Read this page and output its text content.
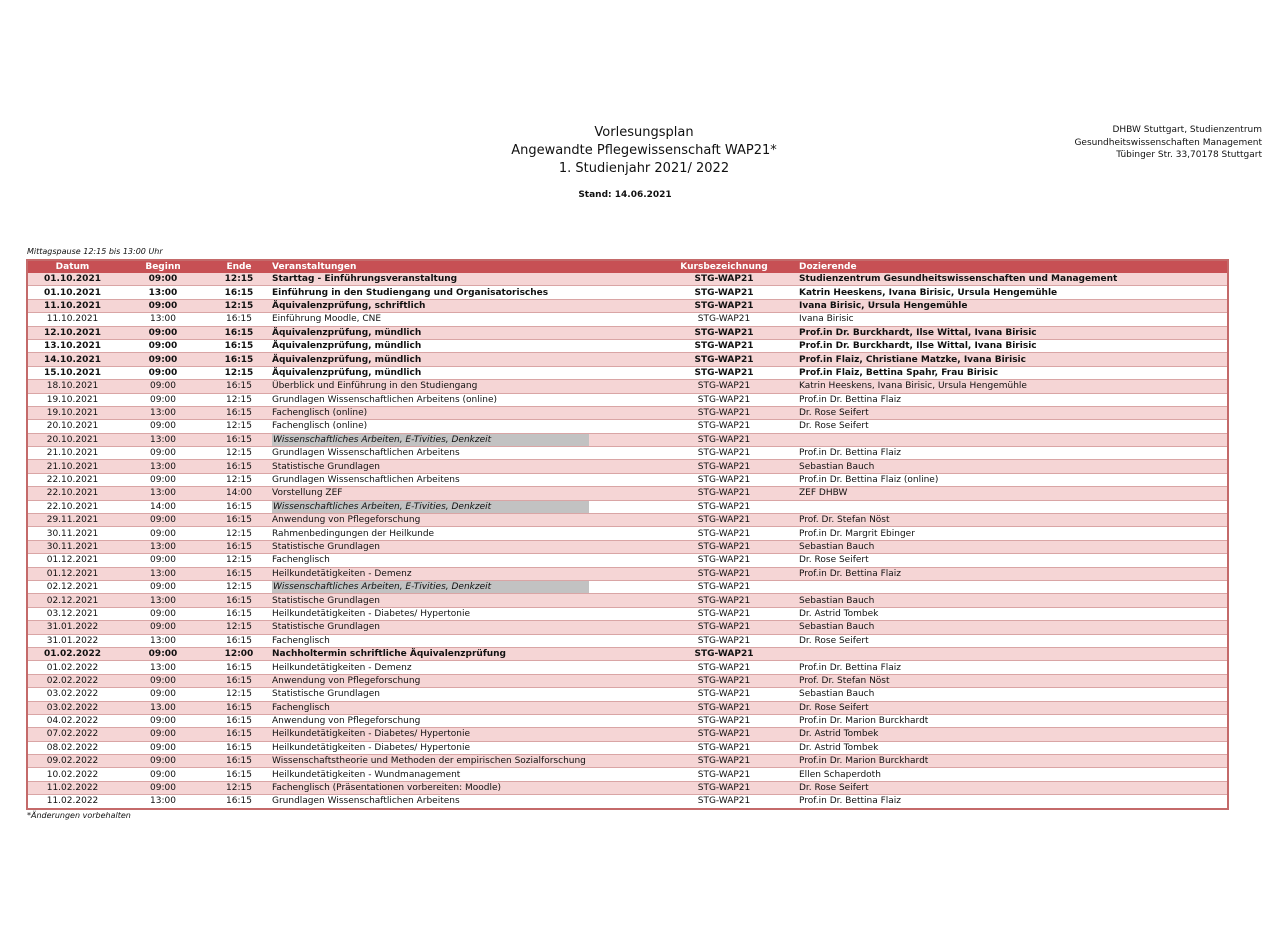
Vorlesungsplan
Angewandte Pflegewissenschaft WAP21*
1. Studienjahr 2021/ 2022
Stand: 14.06.2021
DHBW Stuttgart, Studienzentrum
Gesundheitswissenschaften Management
Tübinger Str. 33,70178 Stuttgart
Mittagspause 12:15 bis 13:00 Uhr
Datum	Beginn	Ende	Veranstaltungen	Kursbezeichnung	Dozierende
01.10.2021	09:00	12:15	Starttag - Einführungsveranstaltung	STG-WAP21	Studienzentrum Gesundheitswissenschaften und Management
01.10.2021	13:00	16:15	Einführung in den Studiengang und Organisatorisches	STG-WAP21	Katrin Heeskens, Ivana Birisic, Ursula Hengemühle
11.10.2021	09:00	12:15	Äquivalenzprüfung, schriftlich	STG-WAP21	Ivana Birisic, Ursula Hengemühle
11.10.2021	13:00	16:15	Einführung Moodle, CNE	STG-WAP21	Ivana Birisic
12.10.2021	09:00	16:15	Äquivalenzprüfung, mündlich	STG-WAP21	Prof.in Dr. Burckhardt, Ilse Wittal, Ivana Birisic
13.10.2021	09:00	16:15	Äquivalenzprüfung, mündlich	STG-WAP21	Prof.in Dr. Burckhardt, Ilse Wittal, Ivana Birisic
14.10.2021	09:00	16:15	Äquivalenzprüfung, mündlich	STG-WAP21	Prof.in Flaiz, Christiane Matzke, Ivana Birisic
15.10.2021	09:00	12:15	Äquivalenzprüfung, mündlich	STG-WAP21	Prof.in Flaiz, Bettina Spahr, Frau Birisic
18.10.2021	09:00	16:15	Überblick und Einführung in den Studiengang	STG-WAP21	Katrin Heeskens, Ivana Birisic, Ursula Hengemühle
19.10.2021	09:00	12:15	Grundlagen Wissenschaftlichen Arbeitens (online)	STG-WAP21	Prof.in Dr. Bettina Flaiz
19.10.2021	13:00	16:15	Fachenglisch (online)	STG-WAP21	Dr. Rose Seifert
20.10.2021	09:00	12:15	Fachenglisch (online)	STG-WAP21	Dr. Rose Seifert
20.10.2021	13:00	16:15	Wissenschaftliches Arbeiten, E-Tivities, Denkzeit	STG-WAP21	
21.10.2021	09:00	12:15	Grundlagen Wissenschaftlichen Arbeitens	STG-WAP21	Prof.in Dr. Bettina Flaiz
21.10.2021	13:00	16:15	Statistische Grundlagen	STG-WAP21	Sebastian Bauch
22.10.2021	09:00	12:15	Grundlagen Wissenschaftlichen Arbeitens	STG-WAP21	Prof.in Dr. Bettina Flaiz (online)
22.10.2021	13:00	14:00	Vorstellung ZEF	STG-WAP21	ZEF DHBW
22.10.2021	14:00	16:15	Wissenschaftliches Arbeiten, E-Tivities, Denkzeit	STG-WAP21	
29.11.2021	09:00	16:15	Anwendung von Pflegeforschung	STG-WAP21	Prof. Dr. Stefan Nöst
30.11.2021	09:00	12:15	Rahmenbedingungen der Heilkunde	STG-WAP21	Prof.in Dr. Margrit Ebinger
30.11.2021	13:00	16:15	Statistische Grundlagen	STG-WAP21	Sebastian Bauch
01.12.2021	09:00	12:15	Fachenglisch	STG-WAP21	Dr. Rose Seifert
01.12.2021	13:00	16:15	Heilkundetätigkeiten - Demenz	STG-WAP21	Prof.in Dr. Bettina Flaiz
02.12.2021	09:00	12:15	Wissenschaftliches Arbeiten, E-Tivities, Denkzeit	STG-WAP21	
02.12.2021	13:00	16:15	Statistische Grundlagen	STG-WAP21	Sebastian Bauch
03.12.2021	09:00	16:15	Heilkundetätigkeiten - Diabetes/ Hypertonie	STG-WAP21	Dr. Astrid Tombek
31.01.2022	09:00	12:15	Statistische Grundlagen	STG-WAP21	Sebastian Bauch
31.01.2022	13:00	16:15	Fachenglisch	STG-WAP21	Dr. Rose Seifert
01.02.2022	09:00	12:00	Nachholtermin schriftliche Äquivalenzprüfung	STG-WAP21	
01.02.2022	13:00	16:15	Heilkundetätigkeiten - Demenz	STG-WAP21	Prof.in Dr. Bettina Flaiz
02.02.2022	09:00	16:15	Anwendung von Pflegeforschung	STG-WAP21	Prof. Dr. Stefan Nöst
03.02.2022	09:00	12:15	Statistische Grundlagen	STG-WAP21	Sebastian Bauch
03.02.2022	13.00	16:15	Fachenglisch	STG-WAP21	Dr. Rose Seifert
04.02.2022	09:00	16:15	Anwendung von Pflegeforschung	STG-WAP21	Prof.in Dr. Marion Burckhardt
07.02.2022	09:00	16:15	Heilkundetätigkeiten - Diabetes/ Hypertonie	STG-WAP21	Dr. Astrid Tombek
08.02.2022	09:00	16:15	Heilkundetätigkeiten - Diabetes/ Hypertonie	STG-WAP21	Dr. Astrid Tombek
09.02.2022	09:00	16:15	Wissenschaftstheorie und Methoden der empirischen Sozialforschung	STG-WAP21	Prof.in Dr. Marion Burckhardt
10.02.2022	09:00	16:15	Heilkundetätigkeiten - Wundmanagement	STG-WAP21	Ellen Schaperdoth
11.02.2022	09:00	12:15	Fachenglisch (Präsentationen vorbereiten: Moodle)	STG-WAP21	Dr. Rose Seifert
11.02.2022	13:00	16:15	Grundlagen Wissenschaftlichen Arbeitens	STG-WAP21	Prof.in Dr. Bettina Flaiz
*Änderungen vorbehalten
